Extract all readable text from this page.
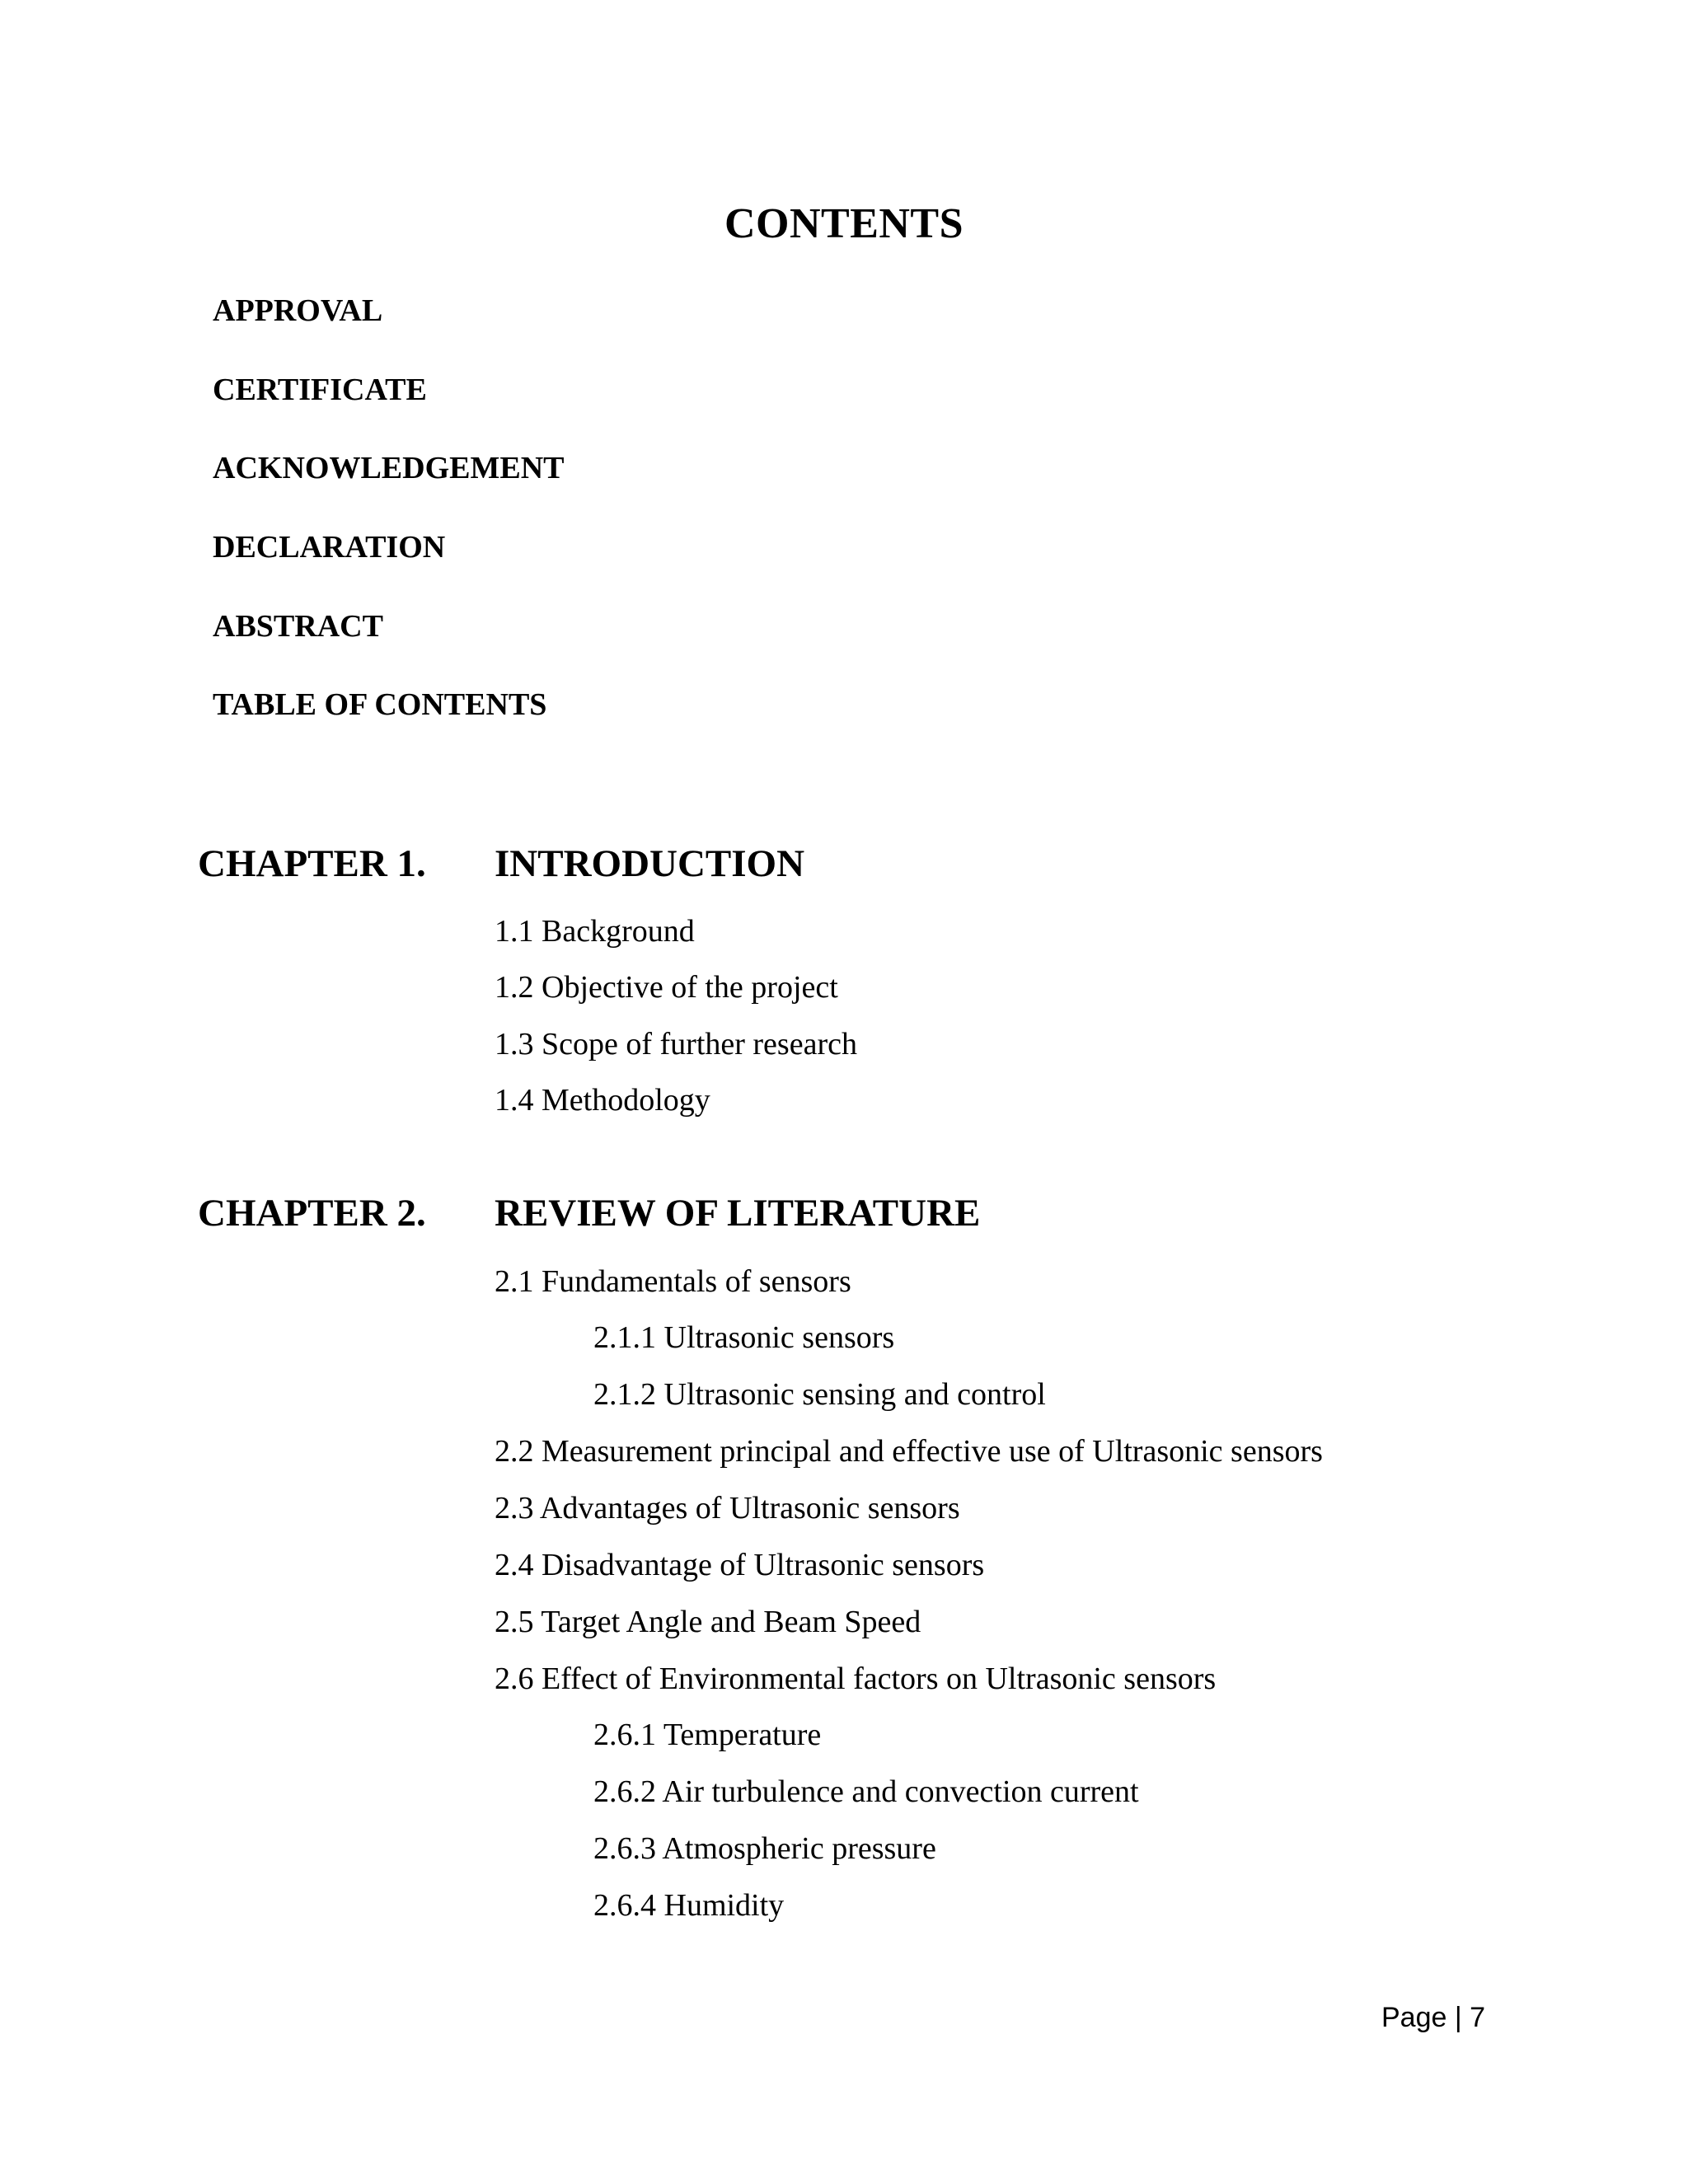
CONTENTS
APPROVAL
CERTIFICATE
ACKNOWLEDGEMENT
DECLARATION
ABSTRACT
TABLE OF CONTENTS
CHAPTER 1. INTRODUCTION
1.1 Background
1.2 Objective of the project
1.3 Scope of further research
1.4 Methodology
CHAPTER 2. REVIEW OF LITERATURE
2.1 Fundamentals of sensors
2.1.1 Ultrasonic sensors
2.1.2 Ultrasonic sensing and control
2.2 Measurement principal and effective use of Ultrasonic sensors
2.3 Advantages of Ultrasonic sensors
2.4 Disadvantage of Ultrasonic sensors
2.5 Target Angle and Beam Speed
2.6 Effect of Environmental factors on Ultrasonic sensors
2.6.1 Temperature
2.6.2 Air turbulence and convection current
2.6.3 Atmospheric pressure
2.6.4 Humidity
Page | 7
